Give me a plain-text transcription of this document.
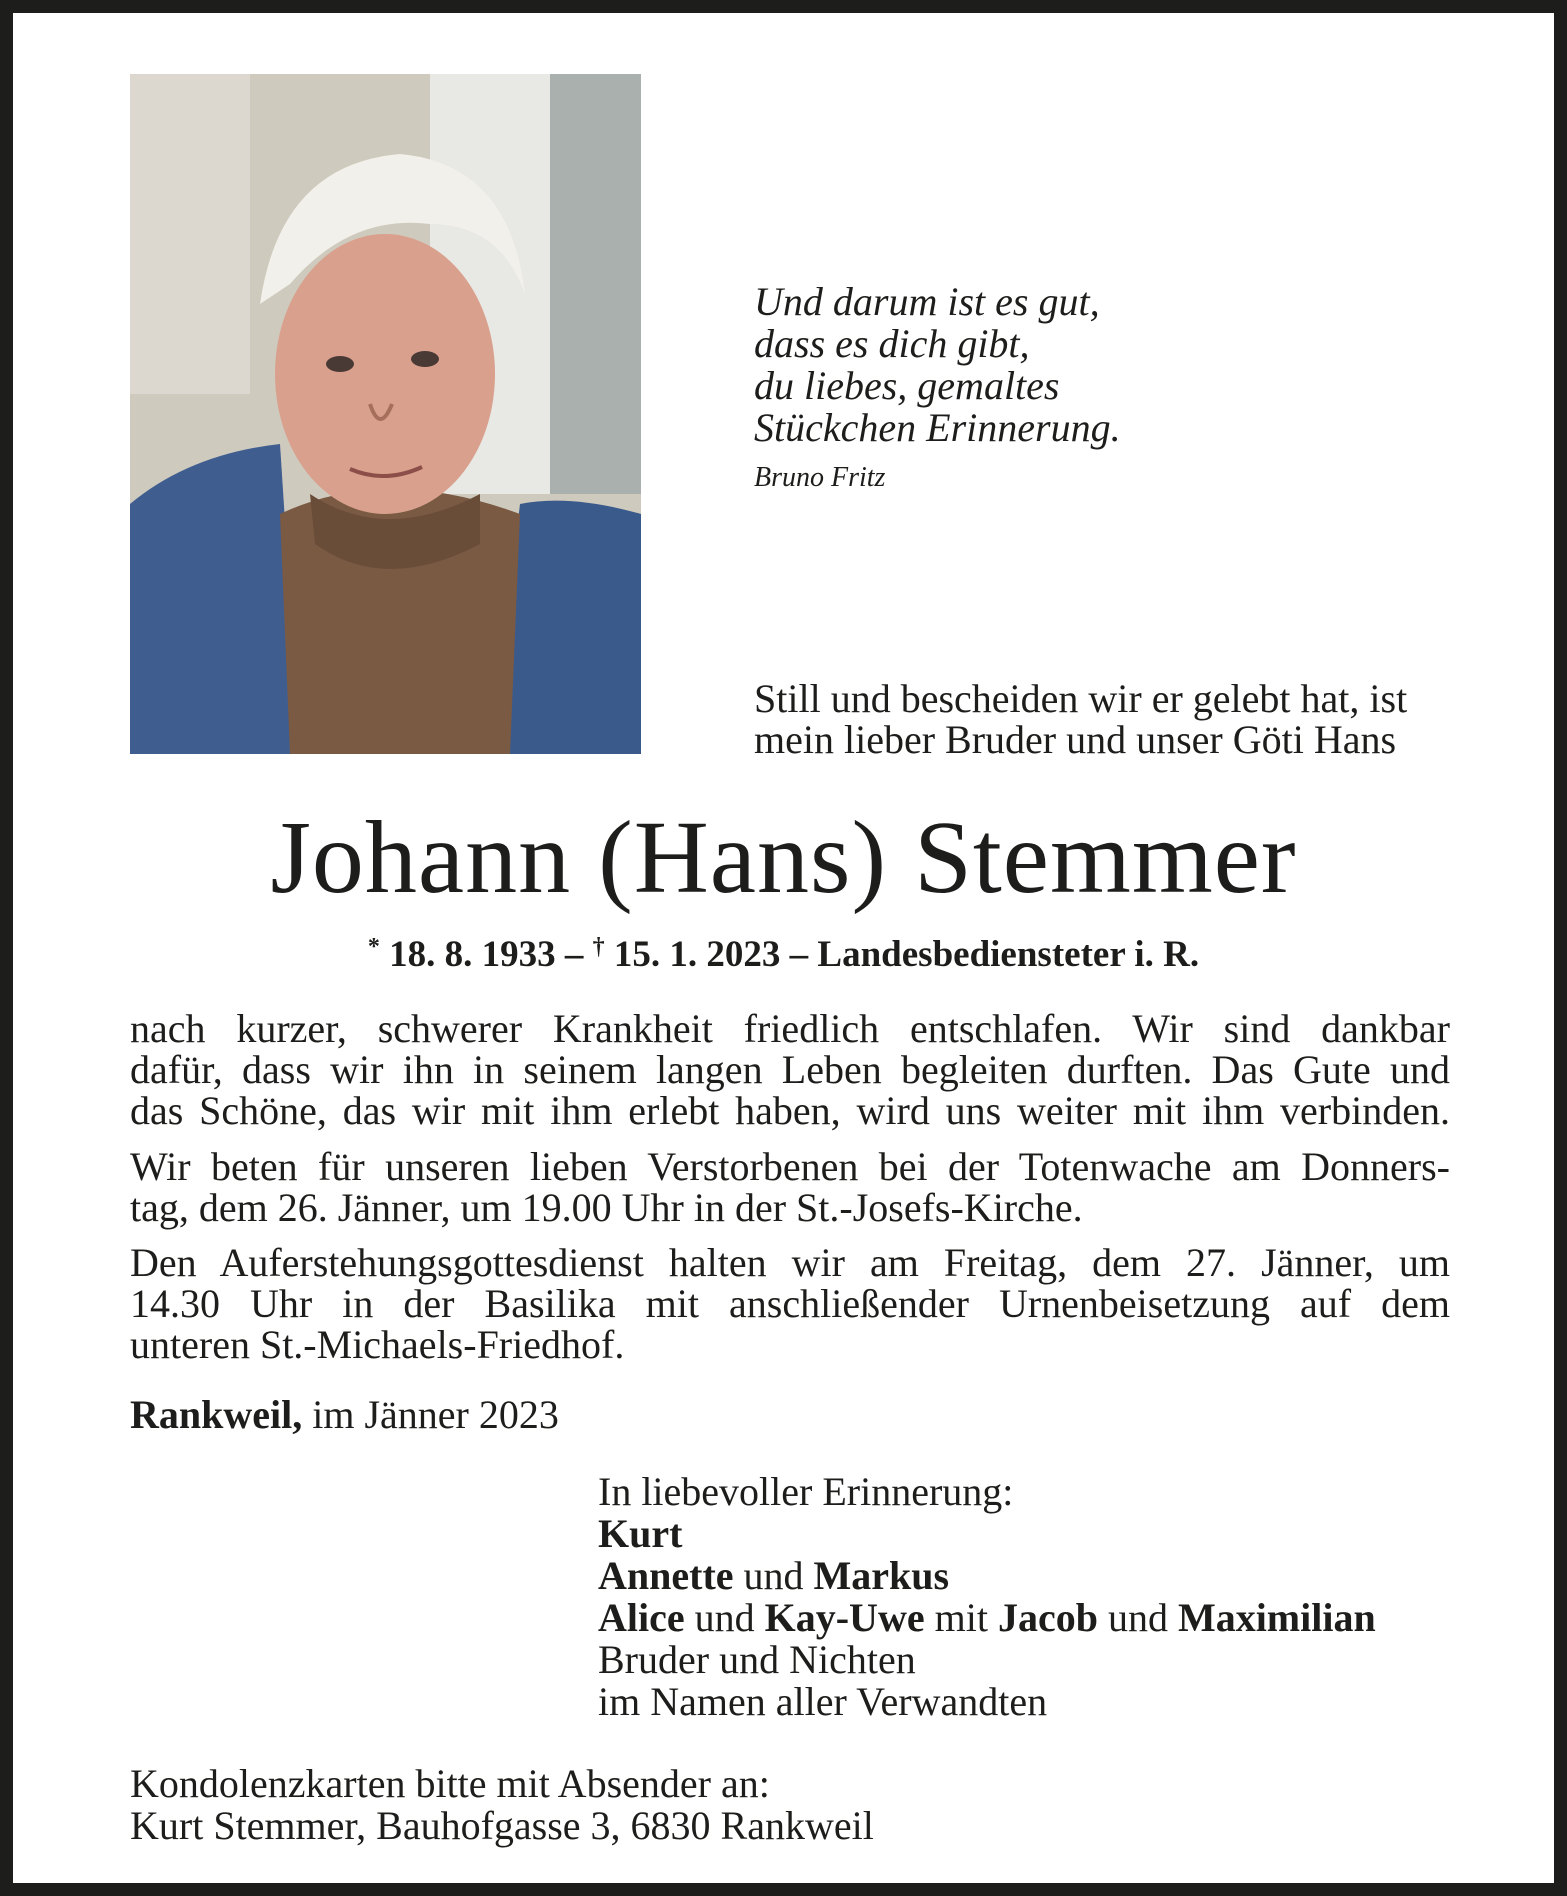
Und darum ist es gut,
dass es dich gibt,
du liebes, gemaltes
Stückchen Erinnerung.
Bruno Fritz
Still und bescheiden wir er gelebt hat, ist
mein lieber Bruder und unser Göti Hans
Johann (Hans) Stemmer
* 18. 8. 1933 – † 15. 1. 2023 – Landesbediensteter i. R.
nach kurzer, schwerer Krankheit friedlich entschlafen. Wir sind dankbar
dafür, dass wir ihn in seinem langen Leben begleiten durften. Das Gute und
das Schöne, das wir mit ihm erlebt haben, wird uns weiter mit ihm verbinden.
Wir beten für unseren lieben Verstorbenen bei der Totenwache am Donners-
tag, dem 26. Jänner, um 19.00 Uhr in der St.-Josefs-Kirche.
Den Auferstehungsgottesdienst halten wir am Freitag, dem 27. Jänner, um
14.30 Uhr in der Basilika mit anschließender Urnenbeisetzung auf dem
unteren St.-Michaels-Friedhof.
Rankweil, im Jänner 2023
In liebevoller Erinnerung:
Kurt
Annette und Markus
Alice und Kay-Uwe mit Jacob und Maximilian
Bruder und Nichten
im Namen aller Verwandten
Kondolenzkarten bitte mit Absender an:
Kurt Stemmer, Bauhofgasse 3, 6830 Rankweil
